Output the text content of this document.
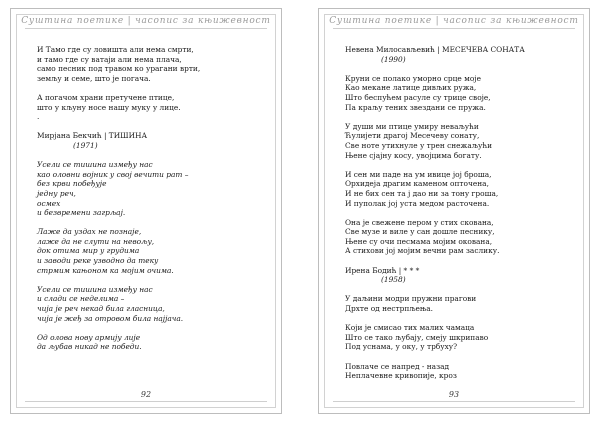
Суштина поетике | часопис за књижевност
И Тамо где су ловишта али нема смрти,
и тамо где су ватаји али нема плача,
само песник под травом ко урагани врти,
земљу и семе, што је погача.
А погачом храни претучене птице,
што у кљуну носе нашу муку у лице.
.
Мирјана Бекчић | ТИШИНА
(1971)
Усели се тишина између нас
као оловни војник у свој вечити рат –
без крви побеђује
једну реч,
осмех
и безвремени загрљај.
Лаже да уздах не познаје,
лаже да не слути на невољу,
док отима мир у грудима
и заводи реке узводно да теку
стрмим кањоном ка мојим очима.
Усели се тишина између нас
и слади се неделима –
чија је реч некад била гласница,
чија је жеђ за отровом била најјача.
Од олова нову армију лије
да љубав никад не победи.
92
Суштина поетике | часопис за књижевност
Невена Милосављевић | МЕСЕЧЕВА СОНАТА
(1990)
Круни се полако уморно срце моје
Као мекане латице дивљих ружа,
Што беспућем расуле су трице своје,
Па краљу тених звездани се пружа.
У души ми птице умиру неваљући
Ћулијети драгој Месечеву сонату,
Све ноте утихнуле у трен снежаљући
Њене сјајну косу, увојцима богату.
И сен ми паде на ум ивице јој броша,
Орхидеја драгим каменом опточена,
И не бих сен та ј дао ни за тону гроша,
И пуполак јој уста медом расточена.
Она је свежене пером у стих скована,
Све музе и виле у сан дошле песнику,
Њене су очи песмама мојим окована,
А стихови јој мојим вечни рам заслику.
Ирена Бодић | * * *
(1958)
У даљини модри пружни прагови
Дрхте од нестрпљења.
Који је смисао тих малих чамаца
Што се тако љубају, смеју шкрипаво
Под уснама, у оку, у трбуху?
Повлаче се напред - назад
Неплачевне кривопије, кроз
93
